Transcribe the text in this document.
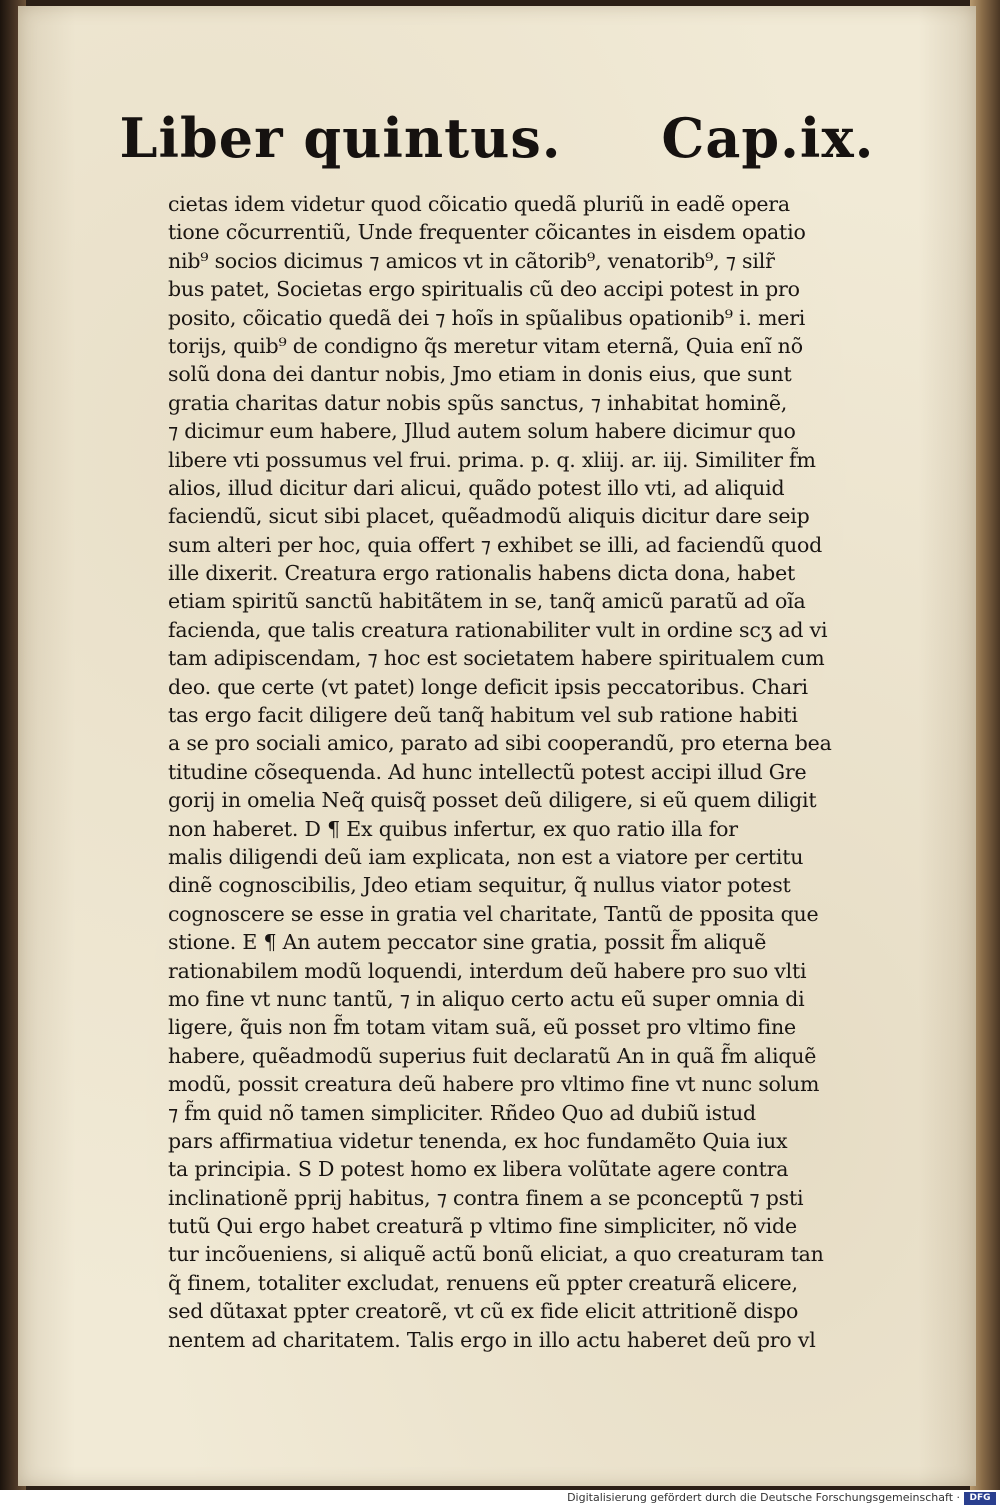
Liber quintus. Cap.ix.
cietas idem videtur quod cõicatio quedã pluriũ in eadẽ opera
tione cõcurrentiũ, Unde frequenter cõicantes in eisdem opatio
nib⁹ socios dicimus ⁊ amicos vt in cãtorib⁹, venatorib⁹, ⁊ silr̃
bus patet, Societas ergo spiritualis cũ deo accipi potest in pro
posito, cõicatio quedã dei ⁊ hoĩs in spũalibus opationib⁹ i. meri
torijs, quib⁹ de condigno q̃s meretur vitam eternã, Quia enĩ nõ
solũ dona dei dantur nobis, Jmo etiam in donis eius, que sunt
gratia charitas datur nobis spũs sanctus, ⁊ inhabitat hominẽ,
⁊ dicimur eum habere, Jllud autem solum habere dicimur quo
libere vti possumus vel frui. prima. p. q. xliij. ar. iij. Similiter f̃m
alios, illud dicitur dari alicui, quãdo potest illo vti, ad aliquid
faciendũ, sicut sibi placet, quẽadmodũ aliquis dicitur dare seip
sum alteri per hoc, quia offert ⁊ exhibet se illi, ad faciendũ quod
ille dixerit. Creatura ergo rationalis habens dicta dona, habet
etiam spiritũ sanctũ habitãtem in se, tanq̃ amicũ paratũ ad oĩa
facienda, que talis creatura rationabiliter vult in ordine scʒ ad vi
tam adipiscendam, ⁊ hoc est societatem habere spiritualem cum
deo. que certe (vt patet) longe deficit ipsis peccatoribus. Chari
tas ergo facit diligere deũ tanq̃ habitum vel sub ratione habiti
a se pro sociali amico, parato ad sibi cooperandũ, pro eterna bea
titudine cõsequenda. Ad hunc intellectũ potest accipi illud Gre
gorij in omelia Neq̃ quisq̃ posset deũ diligere, si eũ quem diligit
non haberet. D ¶ Ex quibus infertur, ex quo ratio illa for
malis diligendi deũ iam explicata, non est a viatore per certitu
dinẽ cognoscibilis, Jdeo etiam sequitur, q̃ nullus viator potest
cognoscere se esse in gratia vel charitate, Tantũ de pposita que
stione. E ¶ An autem peccator sine gratia, possit f̃m aliquẽ
rationabilem modũ loquendi, interdum deũ habere pro suo vlti
mo fine vt nunc tantũ, ⁊ in aliquo certo actu eũ super omnia di
ligere, q̃uis non f̃m totam vitam suã, eũ posset pro vltimo fine
habere, quẽadmodũ superius fuit declaratũ An in quã f̃m aliquẽ
modũ, possit creatura deũ habere pro vltimo fine vt nunc solum
⁊ f̃m quid nõ tamen simpliciter. Rñdeo Quo ad dubiũ istud
pars affirmatiua videtur tenenda, ex hoc fundamẽto Quia iux
ta principia. S D potest homo ex libera volũtate agere contra
inclinationẽ pprij habitus, ⁊ contra finem a se pconceptũ ⁊ psti
tutũ Qui ergo habet creaturã p vltimo fine simpliciter, nõ vide
tur incõueniens, si aliquẽ actũ bonũ eliciat, a quo creaturam tan
q̃ finem, totaliter excludat, renuens eũ ppter creaturã elicere,
sed dũtaxat ppter creatorẽ, vt cũ ex fide elicit attritionẽ dispo
nentem ad charitatem. Talis ergo in illo actu haberet deũ pro vl
Digitalisierung gefördert durch die Deutsche Forschungsgemeinschaft ·	DFG
